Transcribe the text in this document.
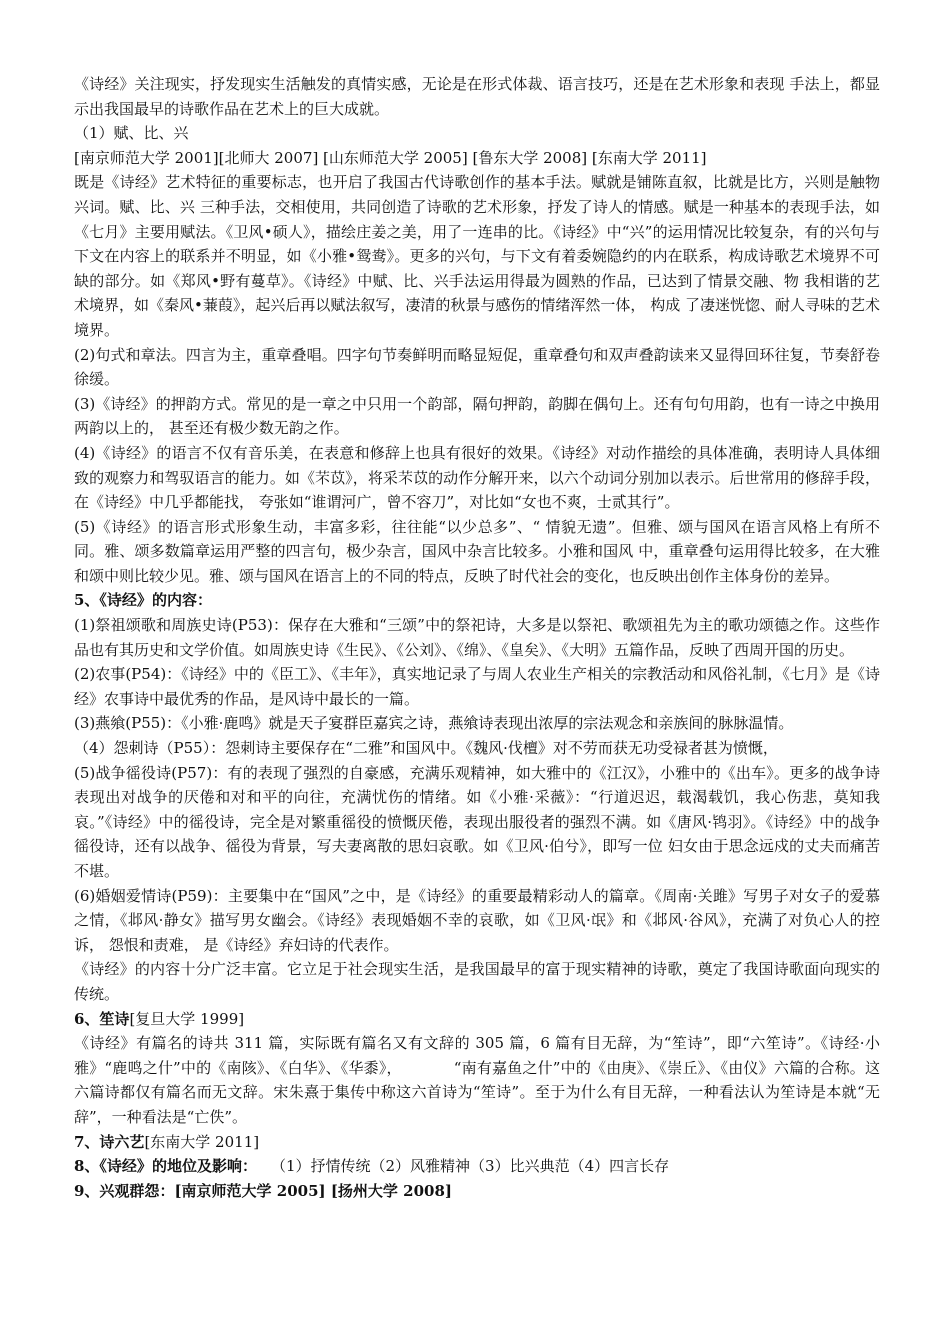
《诗经》关注现实，抒发现实生活触发的真情实感，无论是在形式体裁、语言技巧，还是在艺术形象和表现 手法上，都显示出我国最早的诗歌作品在艺术上的巨大成就。

（1）赋、比、兴

[南京师范大学 2001][北师大 2007] [山东师范大学 2005] [鲁东大学 2008] [东南大学 2011]

既是《诗经》艺术特征的重要标志，也开启了我国古代诗歌创作的基本手法。赋就是铺陈直叙，比就是比方，兴则是触物兴词。赋、比、兴 三种手法，交相使用，共同创造了诗歌的艺术形象，抒发了诗人的情感。赋是一种基本的表现手法，如《七月》主要用赋法。《卫风•硕人》，描绘庄姜之美，用了一连串的比。《诗经》中“兴”的运用情况比较复杂，有的兴句与下文在内容上的联系并不明显，如《小雅•鸳鸯》。更多的兴句，与下文有着委婉隐约的内在联系，构成诗歌艺术境界不可缺的部分。如《郑风•野有蔓草》。《诗经》中赋、比、兴手法运用得最为圆熟的作品，已达到了情景交融、物 我相谐的艺术境界，如《秦风•蒹葭》，起兴后再以赋法叙写，凄清的秋景与感伤的情绪浑然一体， 构成 了凄迷恍惚、耐人寻味的艺术境界。

(2)句式和章法。四言为主，重章叠唱。四字句节奏鲜明而略显短促，重章叠句和双声叠韵读来又显得回环往复，节奏舒卷徐缓。

(3)《诗经》的押韵方式。常见的是一章之中只用一个韵部，隔句押韵，韵脚在偶句上。还有句句用韵，也有一诗之中换用两韵以上的， 甚至还有极少数无韵之作。

(4)《诗经》的语言不仅有音乐美，在表意和修辞上也具有很好的效果。《诗经》对动作描绘的具体准确，表明诗人具体细致的观察力和驾驭语言的能力。如《芣苡》，将采芣苡的动作分解开来，以六个动词分别加以表示。后世常用的修辞手段，在《诗经》中几乎都能找， 夸张如“谁谓河广，曾不容刀”，对比如“女也不爽，士贰其行”。

(5)《诗经》的语言形式形象生动，丰富多彩，往往能“以少总多”、“ 情貌无遗”。但雅、颂与国风在语言风格上有所不同。雅、颂多数篇章运用严整的四言句，极少杂言，国风中杂言比较多。小雅和国风 中，重章叠句运用得比较多，在大雅和颂中则比较少见。雅、颂与国风在语言上的不同的特点，反映了时代社会的变化，也反映出创作主体身份的差异。

5、《诗经》的内容：

(1)祭祖颂歌和周族史诗(P53)：保存在大雅和“三颂”中的祭祀诗，大多是以祭祀、歌颂祖先为主的歌功颂德之作。这些作品也有其历史和文学价值。如周族史诗《生民》、《公刘》、《绵》、《皇矣》、《大明》五篇作品，反映了西周开国的历史。

(2)农事(P54)：《诗经》中的《臣工》、《丰年》，真实地记录了与周人农业生产相关的宗教活动和风俗礼制，《七月》是《诗经》农事诗中最优秀的作品，是风诗中最长的一篇。

(3)燕飨(P55)：《小雅·鹿鸣》就是天子宴群臣嘉宾之诗，燕飨诗表现出浓厚的宗法观念和亲族间的脉脉温情。

（4）怨刺诗（P55）：怨刺诗主要保存在“二雅”和国风中。《魏风·伐檀》对不劳而获无功受禄者甚为愤慨，

(5)战争徭役诗(P57)：有的表现了强烈的自豪感，充满乐观精神，如大雅中的《江汉》，小雅中的《出车》。更多的战争诗表现出对战争的厌倦和对和平的向往，充满忧伤的情绪。如《小雅·采薇》：“行道迟迟，载渴载饥，我心伤悲，莫知我哀。”《诗经》中的徭役诗，完全是对繁重徭役的愤慨厌倦，表现出服役者的强烈不满。如《唐风·鸨羽》。《诗经》中的战争徭役诗，还有以战争、徭役为背景，写夫妻离散的思妇哀歌。如《卫风·伯兮》，即写一位 妇女由于思念远戍的丈夫而痛苦不堪。

(6)婚姻爱情诗(P59)：主要集中在“国风”之中，是《诗经》的重要最精彩动人的篇章。《周南·关雎》写男子对女子的爱慕之情，《邶风·静女》描写男女幽会。《诗经》表现婚姻不幸的哀歌，如《卫风·氓》和《邶风·谷风》，充满了对负心人的控诉， 怨恨和责难， 是《诗经》弃妇诗的代表作。

《诗经》的内容十分广泛丰富。它立足于社会现实生活，是我国最早的富于现实精神的诗歌，奠定了我国诗歌面向现实的传统。

6、笙诗[复旦大学 1999]

《诗经》有篇名的诗共 311 篇，实际既有篇名又有文辞的 305 篇，6 篇有目无辞，为“笙诗”，即“六笙诗”。《诗经·小雅》“鹿鸣之什”中的《南陔》、《白华》、《华黍》，	“南有嘉鱼之什”中的《由庚》、《崇丘》、《由仪》六篇的合称。这六篇诗都仅有篇名而无文辞。宋朱熹于集传中称这六首诗为“笙诗”。至于为什么有目无辞，一种看法认为笙诗是本就“无辞”，一种看法是“亡佚”。

7、诗六艺[东南大学 2011]

8、《诗经》的地位及影响： （1）抒情传统（2）风雅精神（3）比兴典范（4）四言长存

9、兴观群怨：[南京师范大学 2005] [扬州大学 2008]
